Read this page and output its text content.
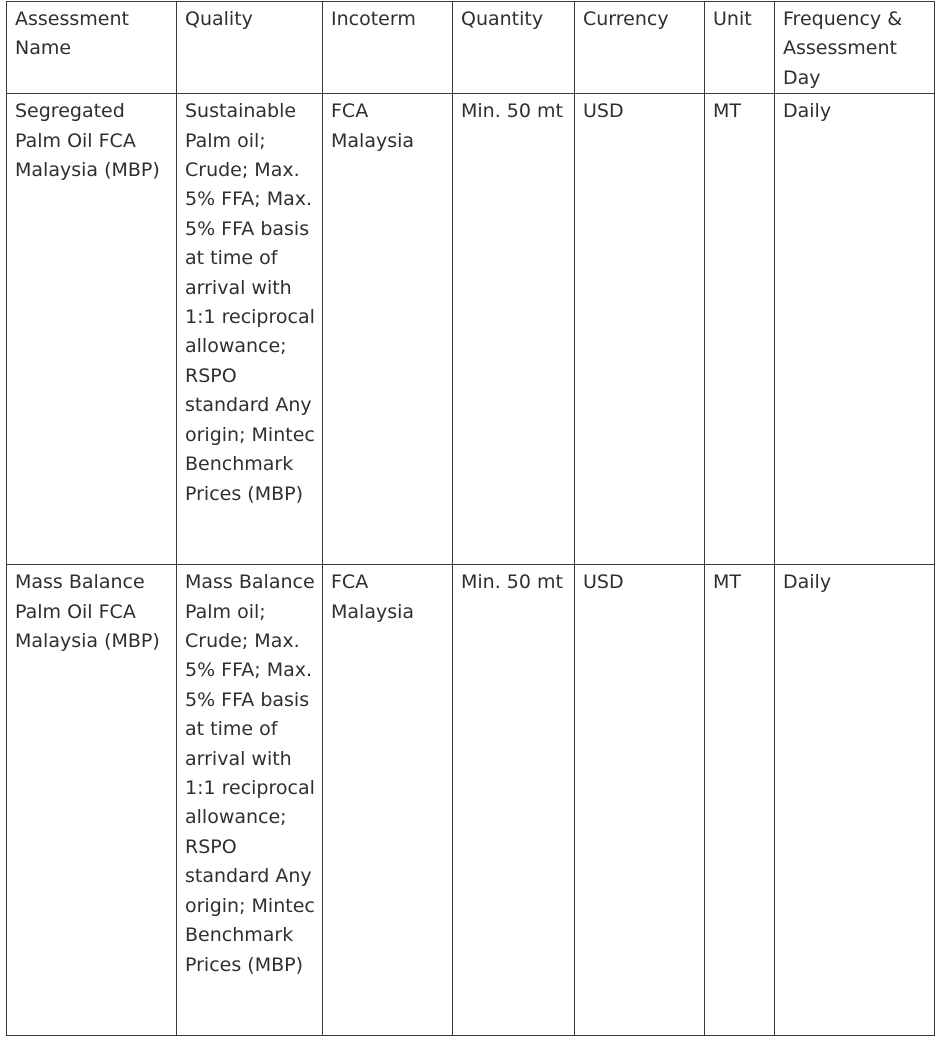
Assessment Name	Quality	Incoterm	Quantity	Currency	Unit	Frequency & Assessment Day

Segregated Palm Oil FCA Malaysia (MBP)	Sustainable Palm oil; Crude; Max. 5% FFA; Max. 5% FFA basis at time of arrival with 1:1 reciprocal allowance; RSPO standard Any origin; Mintec Benchmark Prices (MBP)	FCA Malaysia	Min. 50 mt	USD	MT	Daily

Mass Balance Palm Oil FCA Malaysia (MBP)	Mass Balance Palm oil; Crude; Max. 5% FFA; Max. 5% FFA basis at time of arrival with 1:1 reciprocal allowance; RSPO standard Any origin; Mintec Benchmark Prices (MBP)	FCA Malaysia	Min. 50 mt	USD	MT	Daily
